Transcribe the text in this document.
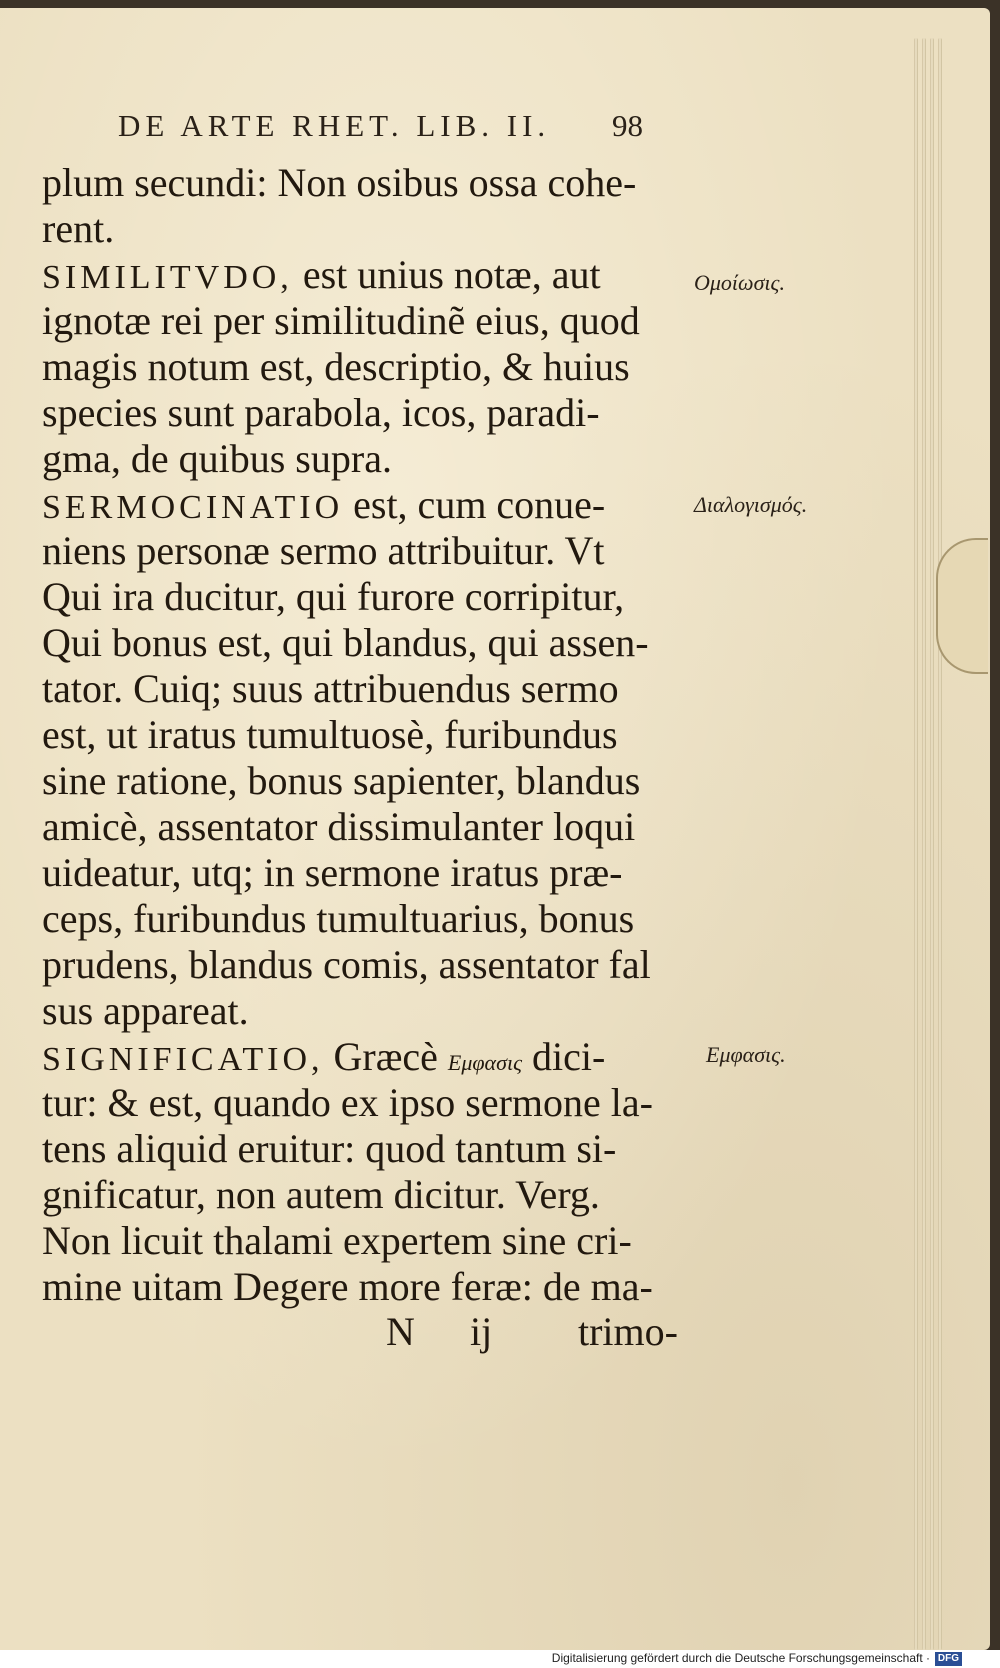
DE ARTE RHET. LIB. II.	98
plum secundi: Non osibus ossa cohe-
rent.
SIMILITVDO, est unius notæ, aut
ignotæ rei per similitudinẽ eius, quod
magis notum est, descriptio, & huius
species sunt parabola, icos, paradi-
gma, de quibus supra.
SERMOCINATIO est, cum conue-
niens personæ sermo attribuitur. Vt
Qui ira ducitur, qui furore corripitur,
Qui bonus est, qui blandus, qui assen-
tator. Cuiq; suus attribuendus sermo
est, ut iratus tumultuosè, furibundus
sine ratione, bonus sapienter, blandus
amicè, assentator dissimulanter loqui
uideatur, utq; in sermone iratus præ-
ceps, furibundus tumultuarius, bonus
prudens, blandus comis, assentator fal
sus appareat.
SIGNIFICATIO, Græcè Εμφασις dici-
tur: & est, quando ex ipso sermone la-
tens aliquid eruitur: quod tantum si-
gnificatur, non autem dicitur. Verg.
Non licuit thalami expertem sine cri-
mine uitam Degere more feræ: de ma-
Ομοίωσις.
Διαλογισμός.
Εμφασις.
N ij trimo-
Digitalisierung gefördert durch die Deutsche Forschungsgemeinschaft · DFG
